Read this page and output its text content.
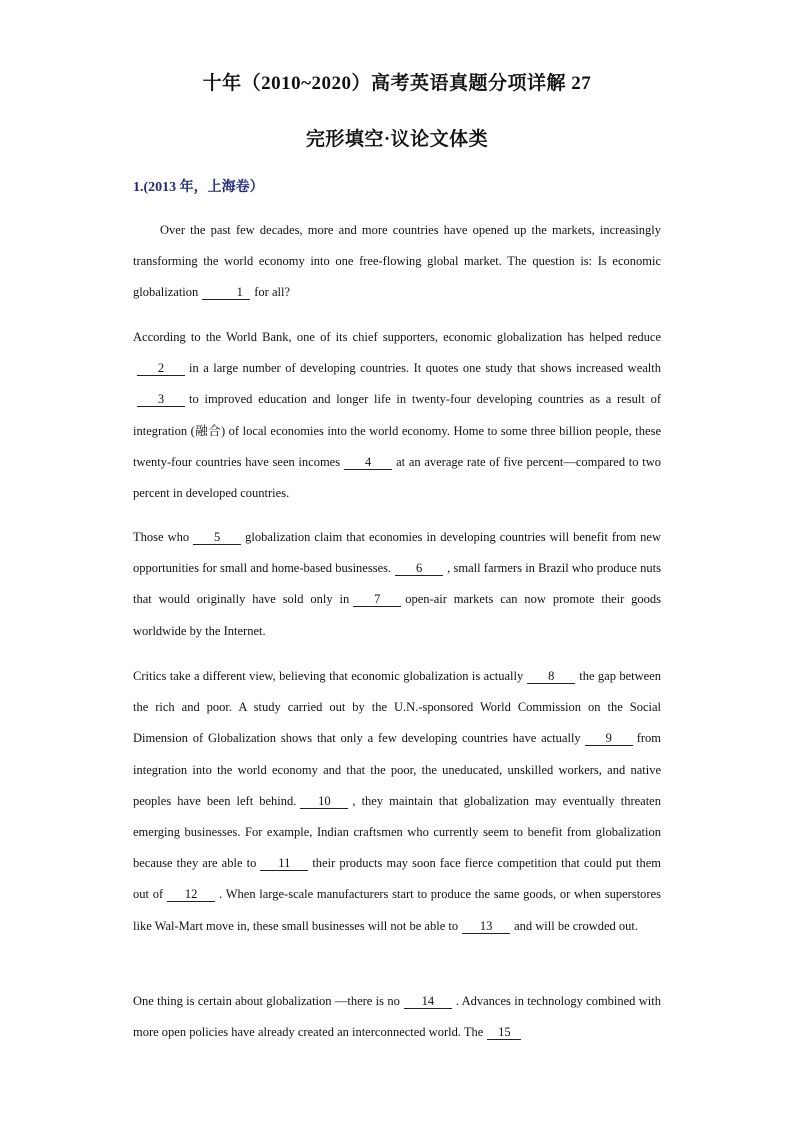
十年（2010~2020）高考英语真题分项详解 27
完形填空·议论文体类
1.(2013 年，上海卷）
Over the past few decades, more and more countries have opened up the markets, increasingly transforming the world economy into one free-flowing global market. The question is: Is economic globalization	1 for all?
According to the World Bank, one of its chief supporters, economic globalization has helped reduce2 in a large number of developing countries. It quotes one study that shows increased wealth3 to improved education and longer life in twenty-four developing countries as a result of integration (融合) of local economies into the world economy. Home to some three billion people, these twenty-four countries have seen incomes 4 at an average rate of five percent—compared to two percent in developed countries.
Those who 5 globalization claim that economies in developing countries will benefit from new opportunities for small and home-based businesses. 6 , small farmers in Brazil who produce nuts that would originally have sold only in 7 open-air markets can now promote their goods worldwide by the Internet.
Critics take a different view, believing that economic globalization is actually 8 the gap between the rich and poor. A study carried out by the U.N.-sponsored World Commission on the Social Dimension of Globalization shows that only a few developing countries have actually 9 from integration into the world economy and that the poor, the uneducated, unskilled workers, and native peoples have been left behind. 10 , they maintain that globalization may eventually threaten emerging businesses. For example, Indian craftsmen who currently seem to benefit from globalization because they are able to 11 their products may soon face fierce competition that could put them out of 12 . When large-scale manufacturers start to produce the same goods, or when superstores like Wal-Mart move in, these small businesses will not be able to 13 and will be crowded out.
One thing is certain about globalization —there is no 14 . Advances in technology combined with more open policies have already created an interconnected world. The 15
